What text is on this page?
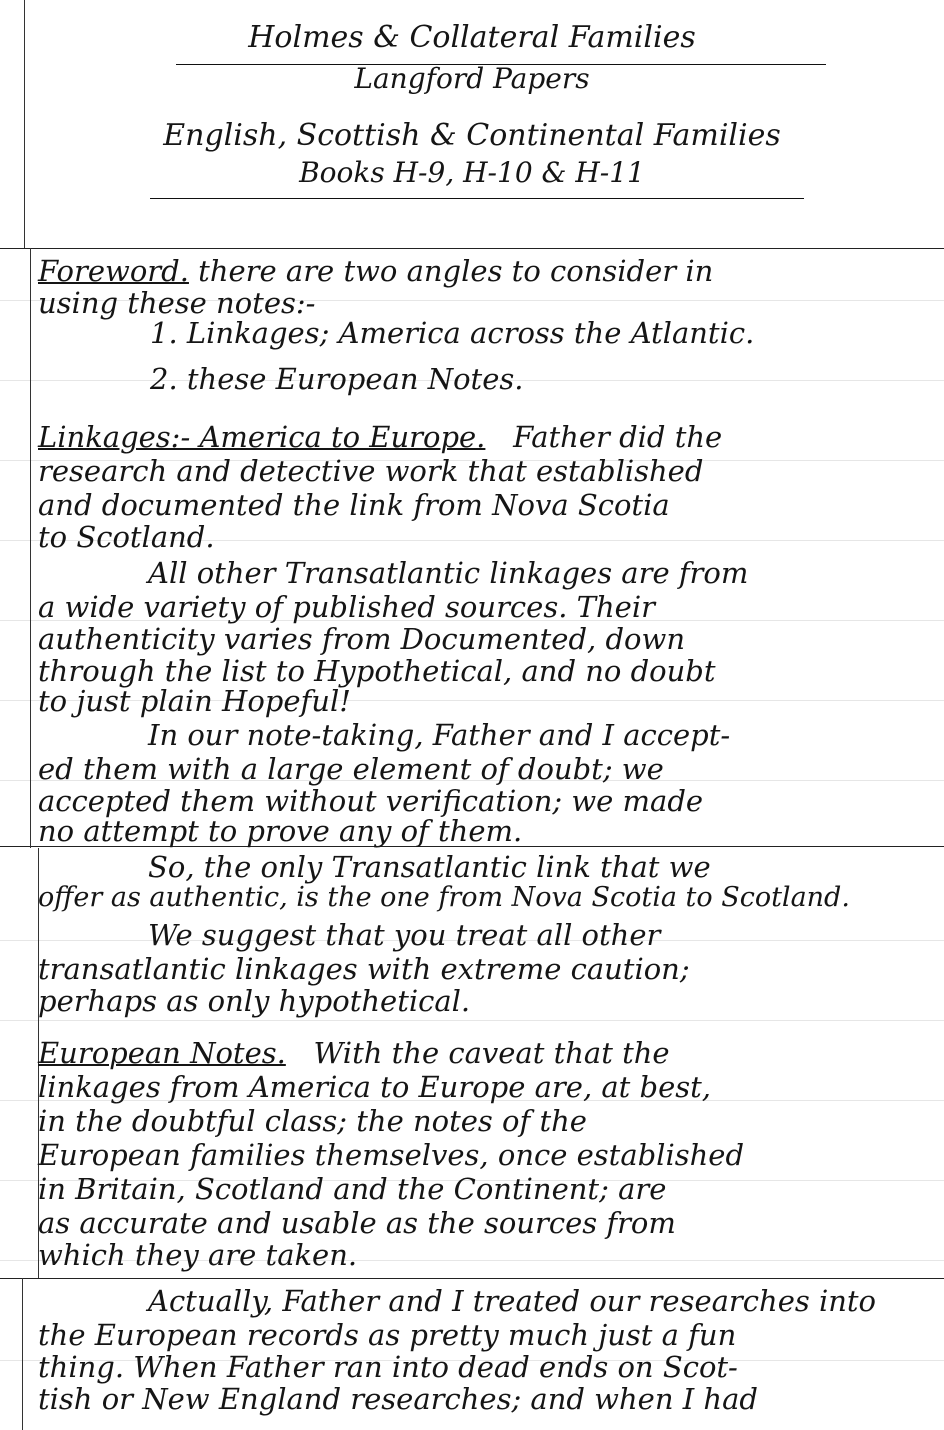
Holmes & Collateral Families
Langford Papers
English, Scottish & Continental Families
Books H-9, H-10 & H-11
Foreword. there are two angles to consider in
using these notes:-
1. Linkages; America across the Atlantic.
2. these European Notes.
Linkages:- America to Europe. Father did the
research and detective work that established
and documented the link from Nova Scotia
to Scotland.
All other Transatlantic linkages are from
a wide variety of published sources. Their
authenticity varies from Documented, down
through the list to Hypothetical, and no doubt
to just plain Hopeful!
In our note-taking, Father and I accept-
ed them with a large element of doubt; we
accepted them without verification; we made
no attempt to prove any of them.
So, the only Transatlantic link that we
offer as authentic, is the one from Nova Scotia to Scotland.
We suggest that you treat all other
transatlantic linkages with extreme caution;
perhaps as only hypothetical.
European Notes. With the caveat that the
linkages from America to Europe are, at best,
in the doubtful class; the notes of the
European families themselves, once established
in Britain, Scotland and the Continent; are
as accurate and usable as the sources from
which they are taken.
Actually, Father and I treated our researches into
the European records as pretty much just a fun
thing. When Father ran into dead ends on Scot-
tish or New England researches; and when I had
